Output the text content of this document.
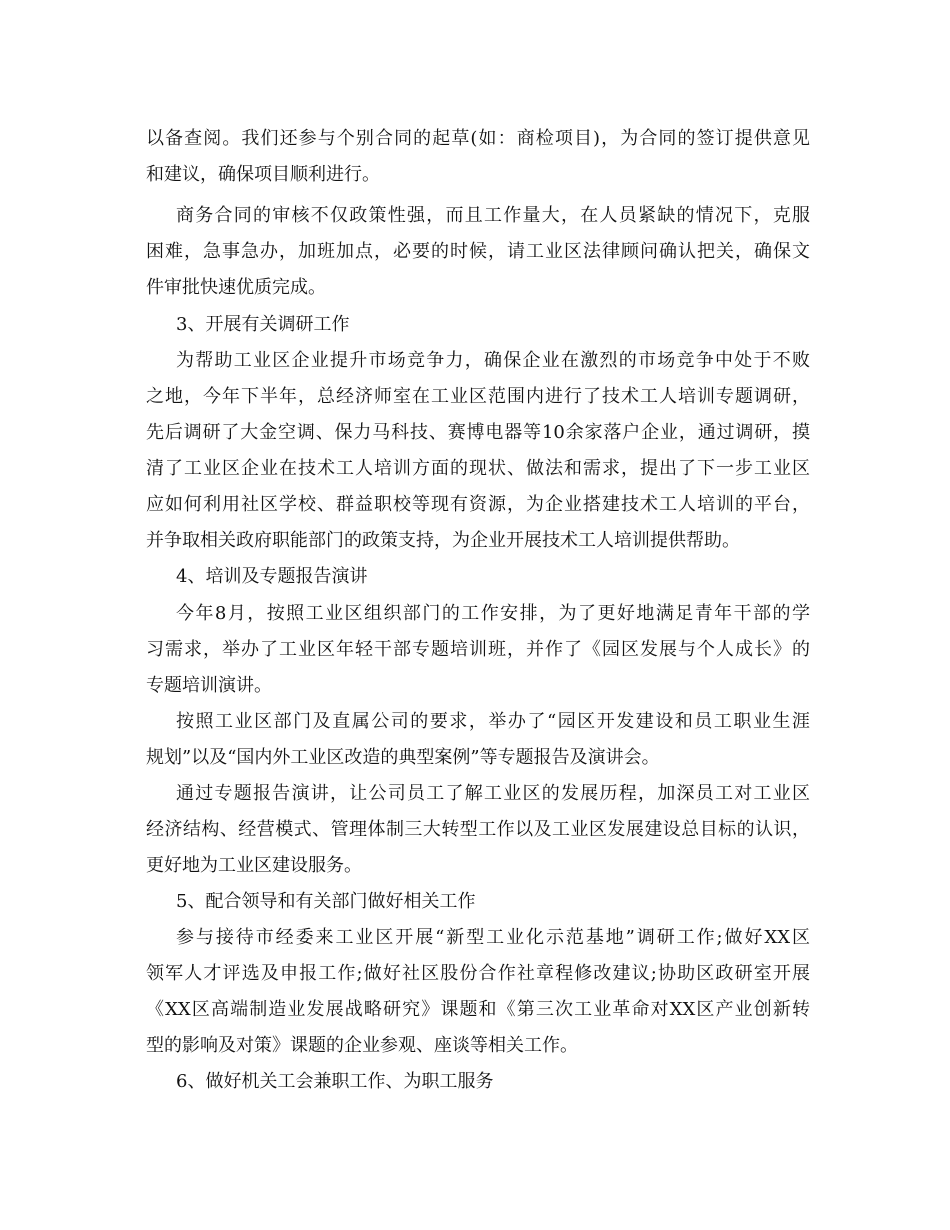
以备查阅。我们还参与个别合同的起草(如：商检项目)，为合同的签订提供意见
和建议，确保项目顺利进行。
商务合同的审核不仅政策性强，而且工作量大，在人员紧缺的情况下，克服
困难，急事急办，加班加点，必要的时候，请工业区法律顾问确认把关，确保文
件审批快速优质完成。
3、开展有关调研工作
为帮助工业区企业提升市场竞争力，确保企业在激烈的市场竞争中处于不败
之地，今年下半年，总经济师室在工业区范围内进行了技术工人培训专题调研，
先后调研了大金空调、保力马科技、赛博电器等10余家落户企业，通过调研，摸
清了工业区企业在技术工人培训方面的现状、做法和需求，提出了下一步工业区
应如何利用社区学校、群益职校等现有资源，为企业搭建技术工人培训的平台，
并争取相关政府职能部门的政策支持，为企业开展技术工人培训提供帮助。
4、培训及专题报告演讲
今年8月，按照工业区组织部门的工作安排，为了更好地满足青年干部的学
习需求，举办了工业区年轻干部专题培训班，并作了《园区发展与个人成长》的
专题培训演讲。
按照工业区部门及直属公司的要求，举办了“园区开发建设和员工职业生涯
规划”以及“国内外工业区改造的典型案例”等专题报告及演讲会。
通过专题报告演讲，让公司员工了解工业区的发展历程，加深员工对工业区
经济结构、经营模式、管理体制三大转型工作以及工业区发展建设总目标的认识，
更好地为工业区建设服务。
5、配合领导和有关部门做好相关工作
参与接待市经委来工业区开展“新型工业化示范基地”调研工作;做好XX区
领军人才评选及申报工作;做好社区股份合作社章程修改建议;协助区政研室开展
《XX区高端制造业发展战略研究》课题和《第三次工业革命对XX区产业创新转
型的影响及对策》课题的企业参观、座谈等相关工作。
6、做好机关工会兼职工作、为职工服务
